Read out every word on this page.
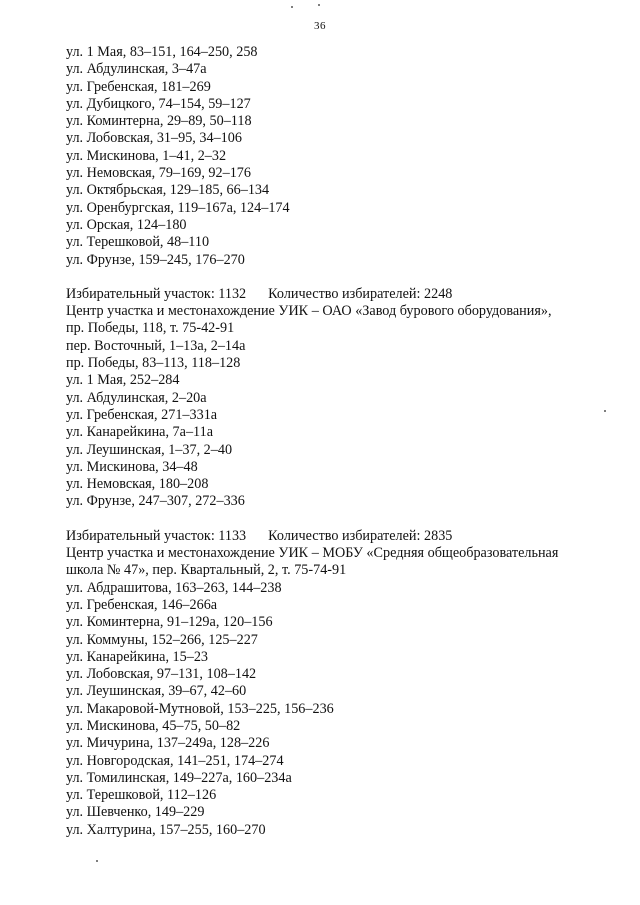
36

ул. 1 Мая, 83–151, 164–250, 258

ул. Абдулинская, 3–47а

ул. Гребенская, 181–269

ул. Дубицкого, 74–154, 59–127

ул. Коминтерна, 29–89, 50–118

ул. Лобовская, 31–95, 34–106

ул. Мискинова, 1–41, 2–32

ул. Немовская, 79–169, 92–176

ул. Октябрьская, 129–185, 66–134

ул. Оренбургская, 119–167а, 124–174

ул. Орская, 124–180

ул. Терешковой, 48–110

ул. Фрунзе, 159–245, 176–270

Избирательный участок: 1132 Количество избирателей: 2248

Центр участка и местонахождение УИК – ОАО «Завод бурового оборудования»,

пр. Победы, 118, т. 75-42-91

пер. Восточный, 1–13а, 2–14а

пр. Победы, 83–113, 118–128

ул. 1 Мая, 252–284

ул. Абдулинская, 2–20а

ул. Гребенская, 271–331а

ул. Канарейкина, 7а–11а

ул. Леушинская, 1–37, 2–40

ул. Мискинова, 34–48

ул. Немовская, 180–208

ул. Фрунзе, 247–307, 272–336

Избирательный участок: 1133 Количество избирателей: 2835

Центр участка и местонахождение УИК – МОБУ «Средняя общеобразовательная

школа № 47», пер. Квартальный, 2, т. 75-74-91

ул. Абдрашитова, 163–263, 144–238

ул. Гребенская, 146–266а

ул. Коминтерна, 91–129а, 120–156

ул. Коммуны, 152–266, 125–227

ул. Канарейкина, 15–23

ул. Лобовская, 97–131, 108–142

ул. Леушинская, 39–67, 42–60

ул. Макаровой-Мутновой, 153–225, 156–236

ул. Мискинова, 45–75, 50–82

ул. Мичурина, 137–249а, 128–226

ул. Новгородская, 141–251, 174–274

ул. Томилинская, 149–227а, 160–234а

ул. Терешковой, 112–126

ул. Шевченко, 149–229

ул. Халтурина, 157–255, 160–270
